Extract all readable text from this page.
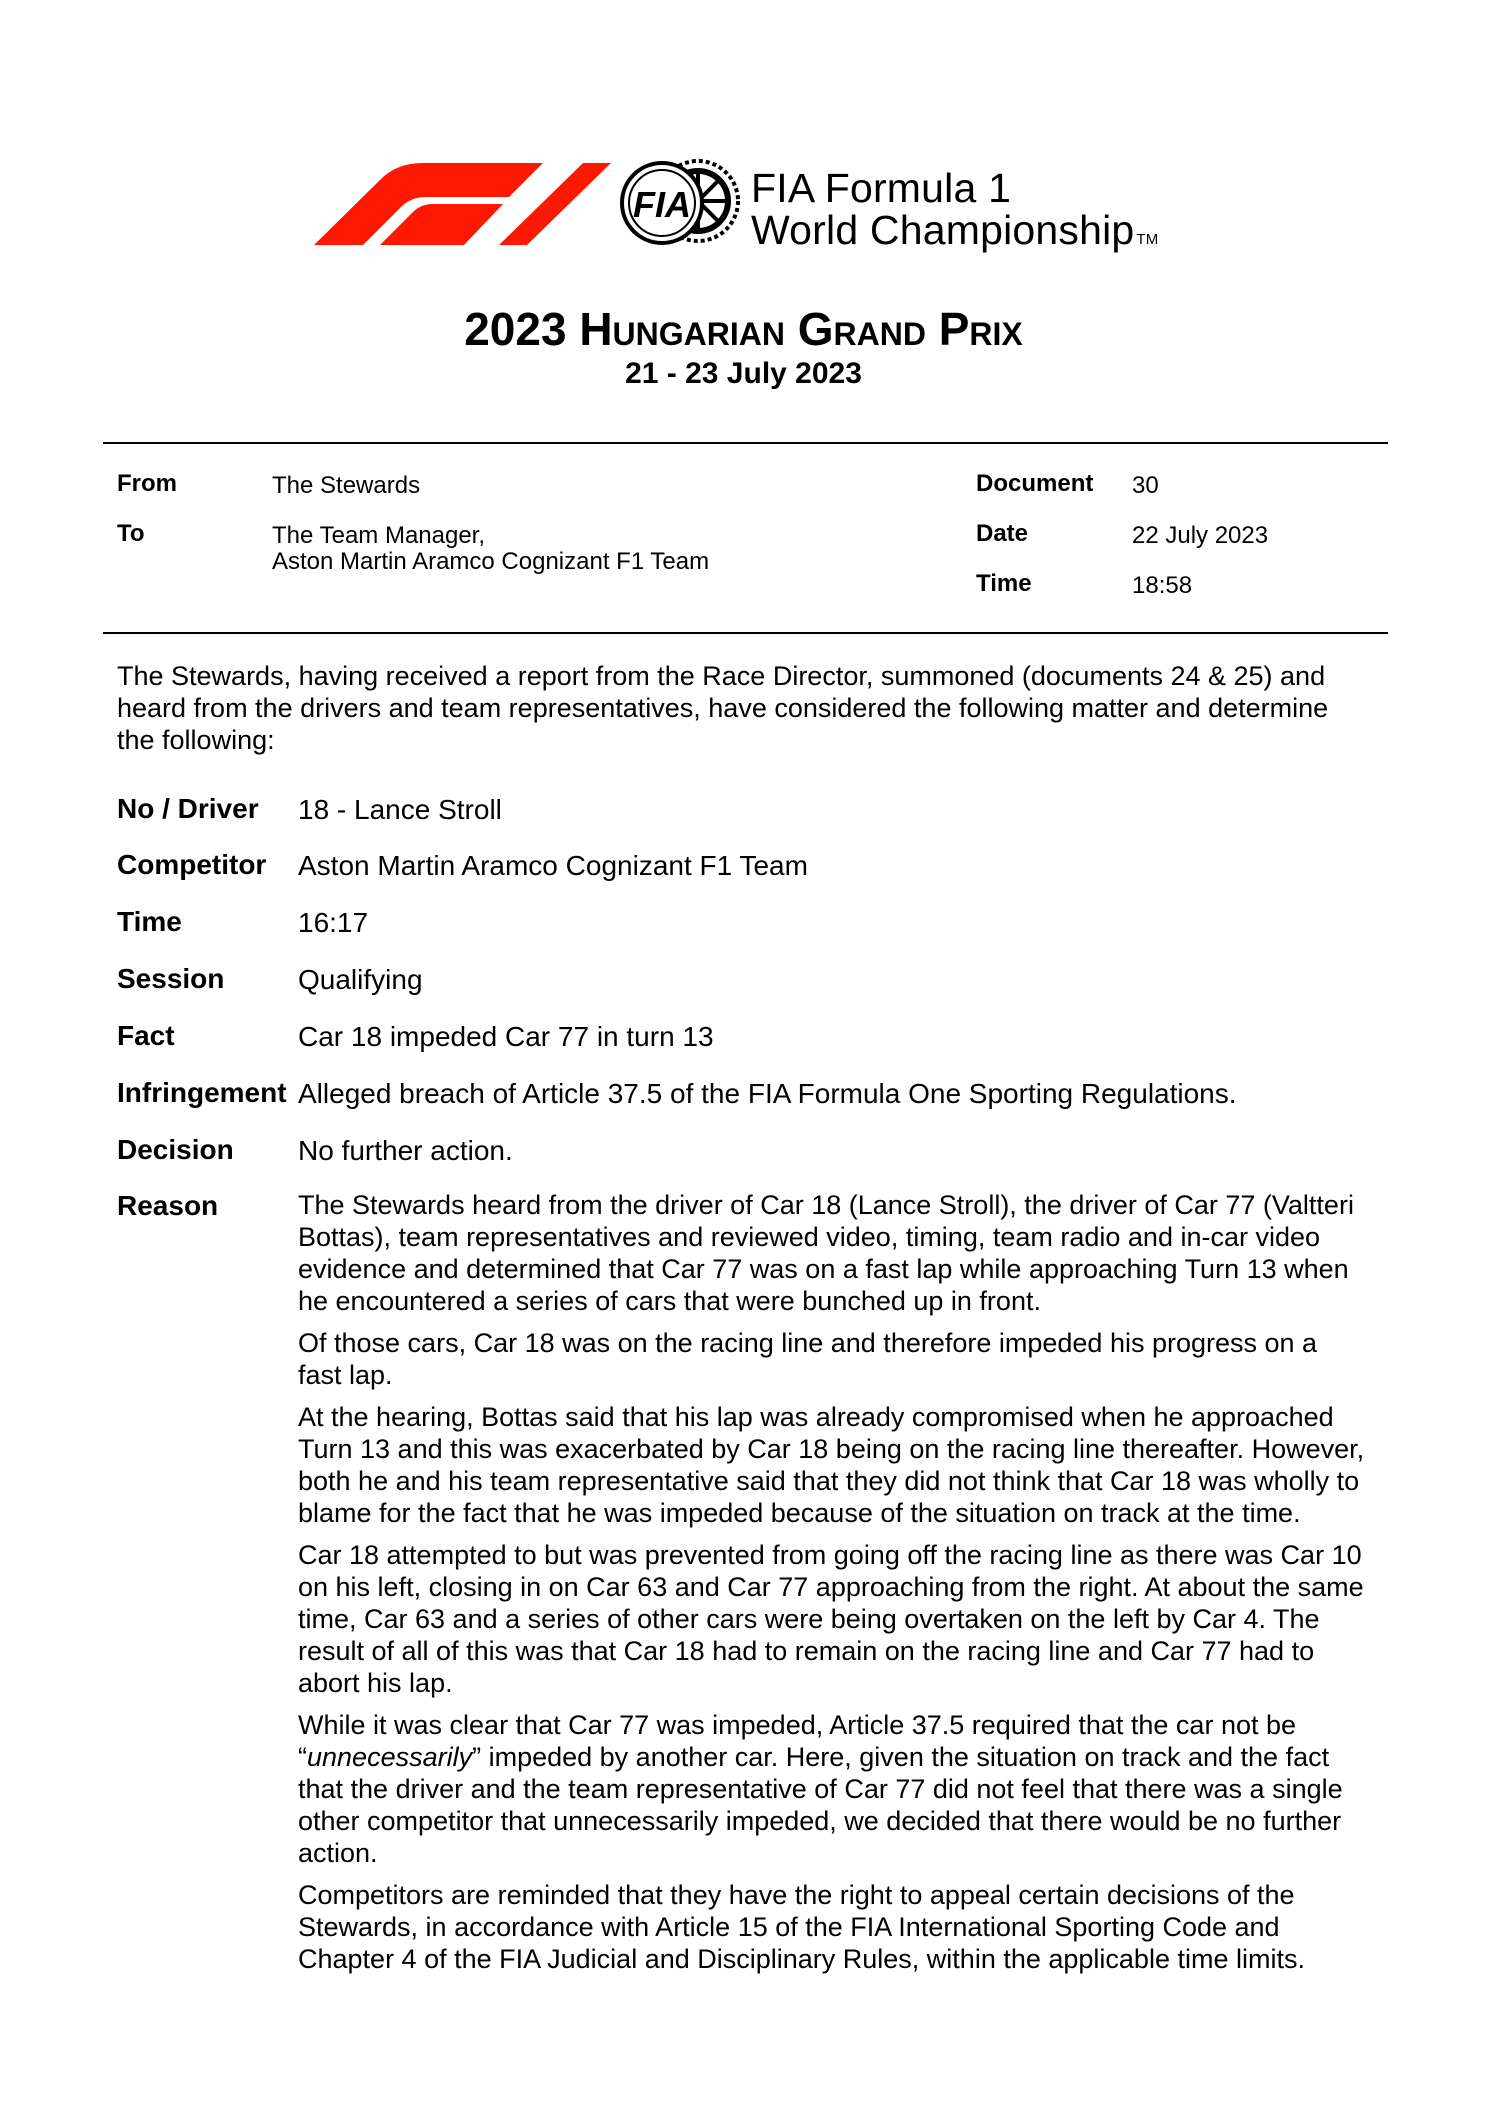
FIA FIA Formula 1
World Championship TM
2023 Hungarian Grand Prix
21 - 23 July 2023
From	The Stewards
To	The Team Manager,
Aston Martin Aramco Cognizant F1 Team
Document 30
Date	22 July 2023
Time	18:58
The Stewards, having received a report from the Race Director, summoned (documents 24 & 25) and heard from the drivers and team representatives, have considered the following matter and determine the following:
No / Driver 18 - Lance Stroll
Competitor Aston Martin Aramco Cognizant F1 Team
Time	16:17
Session	Qualifying
Fact	Car 18 impeded Car 77 in turn 13
Infringement Alleged breach of Article 37.5 of the FIA Formula One Sporting Regulations.
Decision No further action.
Reason	The Stewards heard from the driver of Car 18 (Lance Stroll), the driver of Car 77 (Valtteri Bottas), team representatives and reviewed video, timing, team radio and in-car video evidence and determined that Car 77 was on a fast lap while approaching Turn 13 when he encountered a series of cars that were bunched up in front.

Of those cars, Car 18 was on the racing line and therefore impeded his progress on a fast lap.

At the hearing, Bottas said that his lap was already compromised when he approached Turn 13 and this was exacerbated by Car 18 being on the racing line thereafter. However, both he and his team representative said that they did not think that Car 18 was wholly to blame for the fact that he was impeded because of the situation on track at the time.

Car 18 attempted to but was prevented from going off the racing line as there was Car 10 on his left, closing in on Car 63 and Car 77 approaching from the right. At about the same time, Car 63 and a series of other cars were being overtaken on the left by Car 4. The result of all of this was that Car 18 had to remain on the racing line and Car 77 had to abort his lap.

While it was clear that Car 77 was impeded, Article 37.5 required that the car not be “unnecessarily” impeded by another car. Here, given the situation on track and the fact that the driver and the team representative of Car 77 did not feel that there was a single other competitor that unnecessarily impeded, we decided that there would be no further action.

Competitors are reminded that they have the right to appeal certain decisions of the Stewards, in accordance with Article 15 of the FIA International Sporting Code and Chapter 4 of the FIA Judicial and Disciplinary Rules, within the applicable time limits.
